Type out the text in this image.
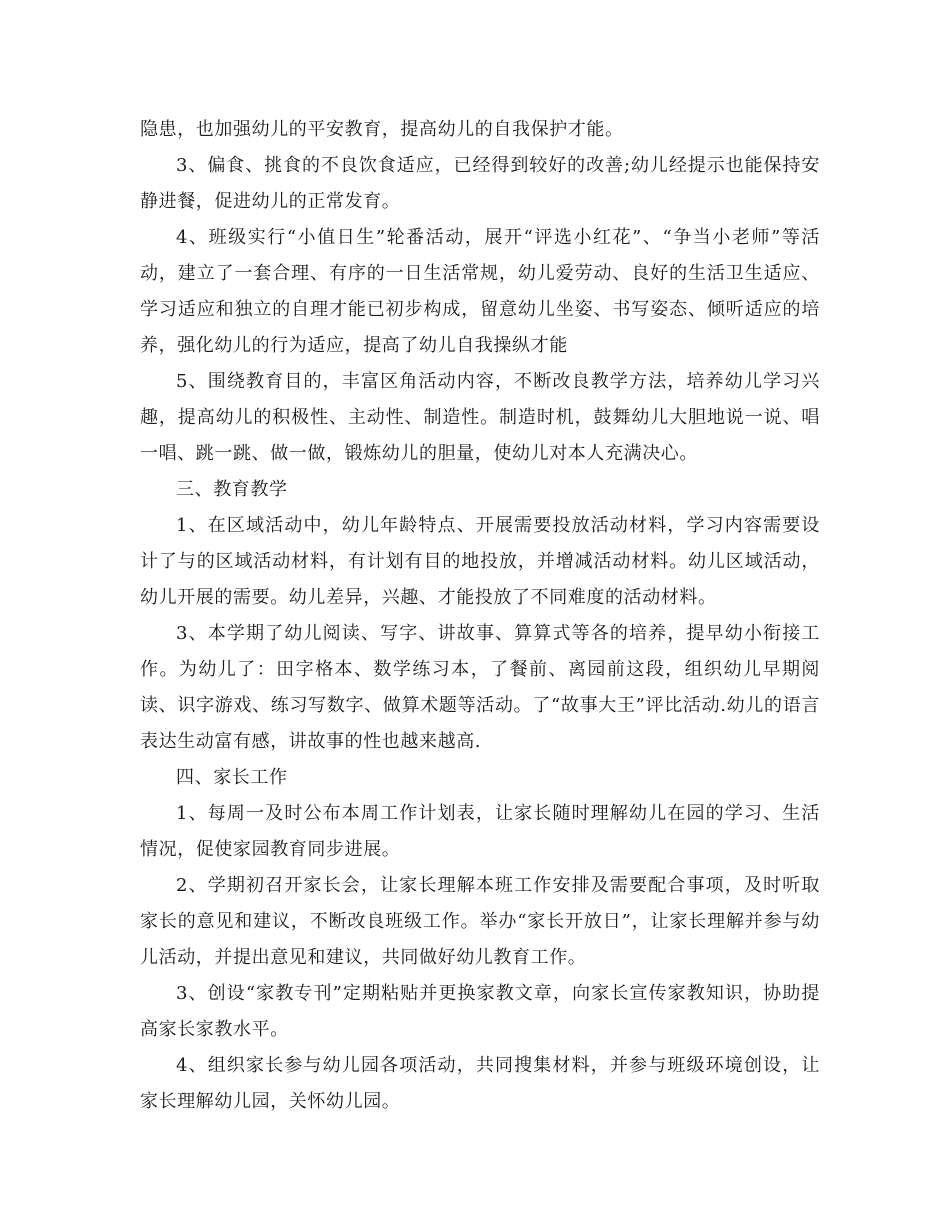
隐患，也加强幼儿的平安教育，提高幼儿的自我保护才能。

3、偏食、挑食的不良饮食适应，已经得到较好的改善;幼儿经提示也能保持安静进餐，促进幼儿的正常发育。

4、班级实行“小值日生”轮番活动，展开“评选小红花”、“争当小老师”等活动，建立了一套合理、有序的一日生活常规，幼儿爱劳动、良好的生活卫生适应、学习适应和独立的自理才能已初步构成，留意幼儿坐姿、书写姿态、倾听适应的培养，强化幼儿的行为适应，提高了幼儿自我操纵才能

5、围绕教育目的，丰富区角活动内容，不断改良教学方法，培养幼儿学习兴趣，提高幼儿的积极性、主动性、制造性。制造时机，鼓舞幼儿大胆地说一说、唱一唱、跳一跳、做一做，锻炼幼儿的胆量，使幼儿对本人充满决心。

三、教育教学

1、在区域活动中，幼儿年龄特点、开展需要投放活动材料，学习内容需要设计了与的区域活动材料，有计划有目的地投放，并增减活动材料。幼儿区域活动，幼儿开展的需要。幼儿差异，兴趣、才能投放了不同难度的活动材料。

3、本学期了幼儿阅读、写字、讲故事、算算式等各的培养，提早幼小衔接工作。为幼儿了：田字格本、数学练习本，了餐前、离园前这段，组织幼儿早期阅读、识字游戏、练习写数字、做算术题等活动。了“故事大王”评比活动.幼儿的语言表达生动富有感，讲故事的性也越来越高.

四、家长工作

1、每周一及时公布本周工作计划表，让家长随时理解幼儿在园的学习、生活情况，促使家园教育同步进展。

2、学期初召开家长会，让家长理解本班工作安排及需要配合事项，及时听取家长的意见和建议，不断改良班级工作。举办“家长开放日”，让家长理解并参与幼儿活动，并提出意见和建议，共同做好幼儿教育工作。

3、创设“家教专刊”定期粘贴并更换家教文章，向家长宣传家教知识，协助提高家长家教水平。

4、组织家长参与幼儿园各项活动，共同搜集材料，并参与班级环境创设，让家长理解幼儿园，关怀幼儿园。
